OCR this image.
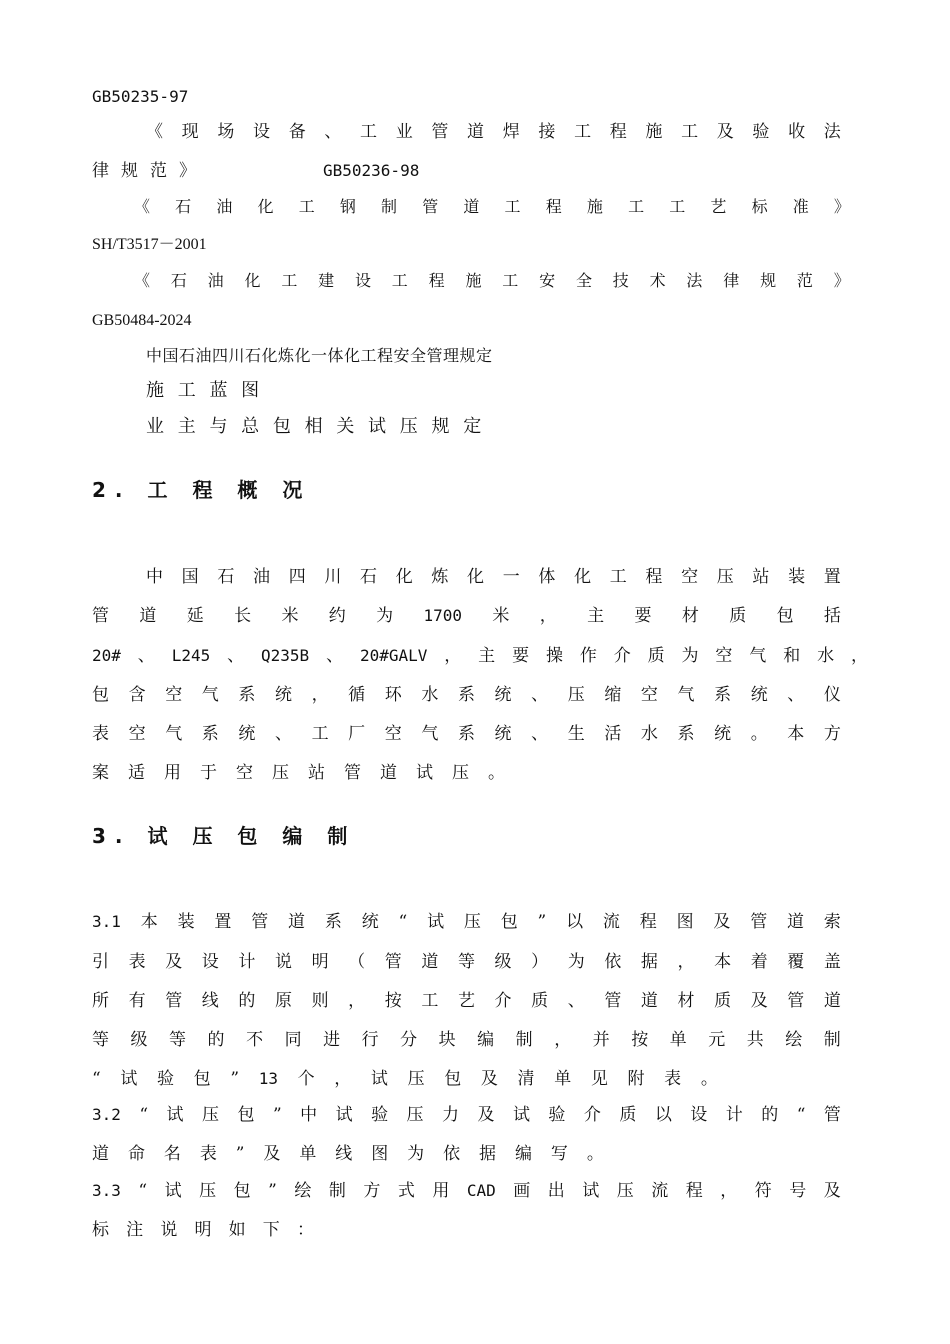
GB50235-97
《 现 场 设 备 、 工 业 管 道 焊 接 工 程 施 工 及 验 收 法
律规范》	GB50236-98
《 石 油 化 工 钢 制 管 道 工 程 施 工 工 艺 标 准 》
SH/T3517－2001
《 石 油 化 工 建 设 工 程 施 工 安 全 技 术 法 律 规 范 》
GB50484-2024
中国石油四川石化炼化一体化工程安全管理规定
施 工 蓝 图
业 主 与 总 包 相 关 试 压 规 定
2. 工 程 概 况
中 国 石 油 四 川 石 化 炼 化 一 体 化 工 程 空 压 站 装 置
管 道 延 长 米 约 为 1700 米 ， 主 要 材 质 包 括
20# 、 L245 、 Q235B 、 20#GALV ， 主 要 操 作 介 质 为 空 气 和 水 ，
包 含 空 气 系 统 ， 循 环 水 系 统 、 压 缩 空 气 系 统 、 仪
表 空 气 系 统 、 工 厂 空 气 系 统 、 生 活 水 系 统 。 本 方
案适用于空压站管道试压。
3. 试 压 包 编 制
3.1 本 装 置 管 道 系 统 “ 试 压 包 ” 以 流 程 图 及 管 道 索
引 表 及 设 计 说 明 （ 管 道 等 级 ） 为 依 据 ， 本 着 覆 盖
所 有 管 线 的 原 则 ， 按 工 艺 介 质 、 管 道 材 质 及 管 道
等 级 等 的 不 同 进 行 分 块 编 制 ， 并 按 单 元 共 绘 制
“ 试 验 包 ” 13 个 ， 试 压 包 及 清 单 见 附 表 。
3.2 “ 试 压 包 ” 中 试 验 压 力 及 试 验 介 质 以 设 计 的 “ 管
道 命 名 表 ” 及 单 线 图 为 依 据 编 写 。
3.3 “ 试 压 包 ” 绘 制 方 式 用 CAD 画 出 试 压 流 程 ， 符 号 及
标 注 说 明 如 下 ：
